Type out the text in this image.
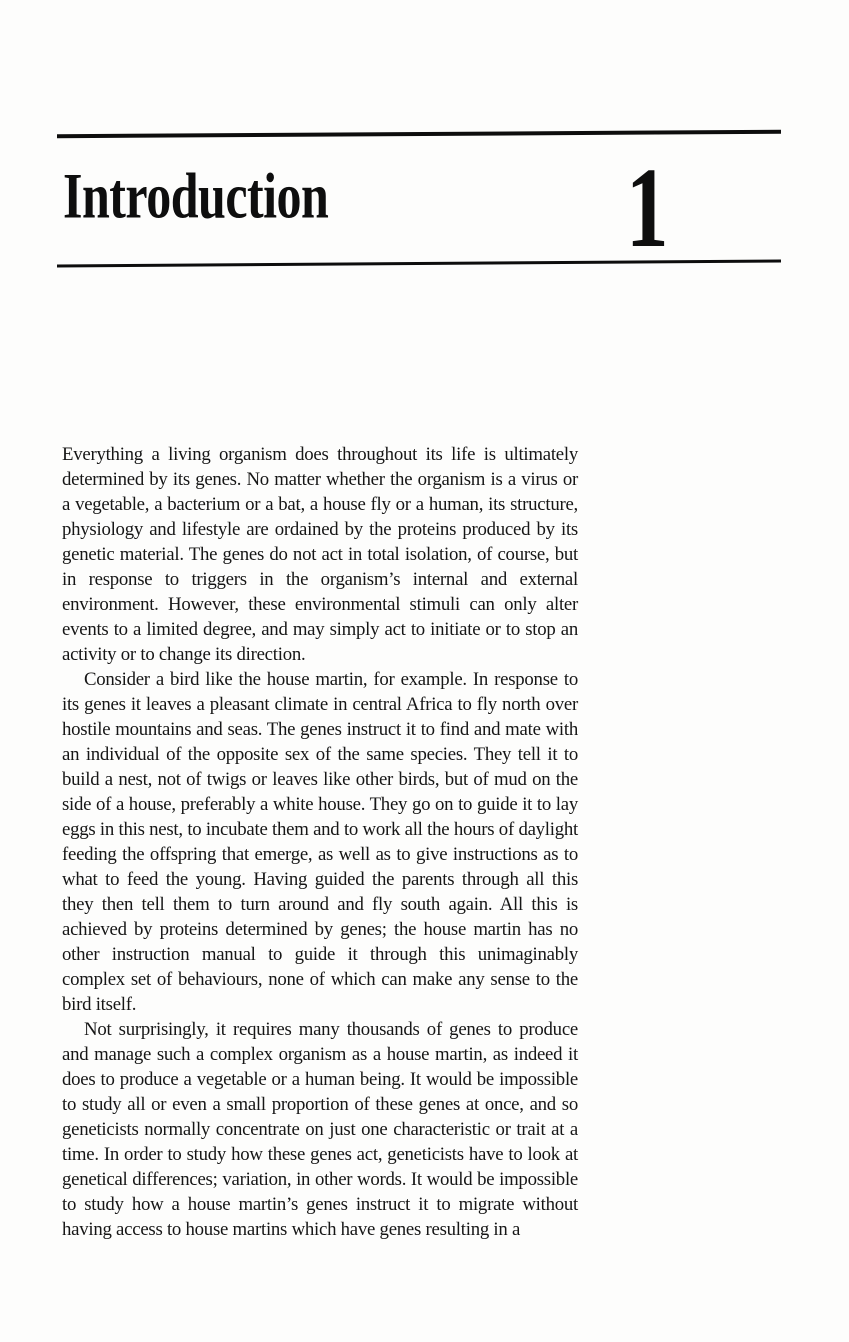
Introduction	1

Everything a living organism does throughout its life is ultimately determined by its genes. No matter whether the organism is a virus or a vegetable, a bacterium or a bat, a house fly or a human, its structure, physiology and lifestyle are ordained by the proteins produced by its genetic material. The genes do not act in total isolation, of course, but in response to triggers in the organism’s internal and external environment. However, these environmental stimuli can only alter events to a limited degree, and may simply act to initiate or to stop an activity or to change its direction.

Consider a bird like the house martin, for example. In response to its genes it leaves a pleasant climate in central Africa to fly north over hostile mountains and seas. The genes instruct it to find and mate with an individual of the opposite sex of the same species. They tell it to build a nest, not of twigs or leaves like other birds, but of mud on the side of a house, preferably a white house. They go on to guide it to lay eggs in this nest, to incubate them and to work all the hours of daylight feeding the offspring that emerge, as well as to give instructions as to what to feed the young. Having guided the parents through all this they then tell them to turn around and fly south again. All this is achieved by proteins determined by genes; the house martin has no other instruction manual to guide it through this unimaginably complex set of behaviours, none of which can make any sense to the bird itself.

Not surprisingly, it requires many thousands of genes to produce and manage such a complex organism as a house martin, as indeed it does to produce a vegetable or a human being. It would be impossible to study all or even a small proportion of these genes at once, and so geneticists normally concentrate on just one characteristic or trait at a time. In order to study how these genes act, geneticists have to look at genetical differences; variation, in other words. It would be impossible to study how a house martin’s genes instruct it to migrate without having access to house martins which have genes resulting in a
